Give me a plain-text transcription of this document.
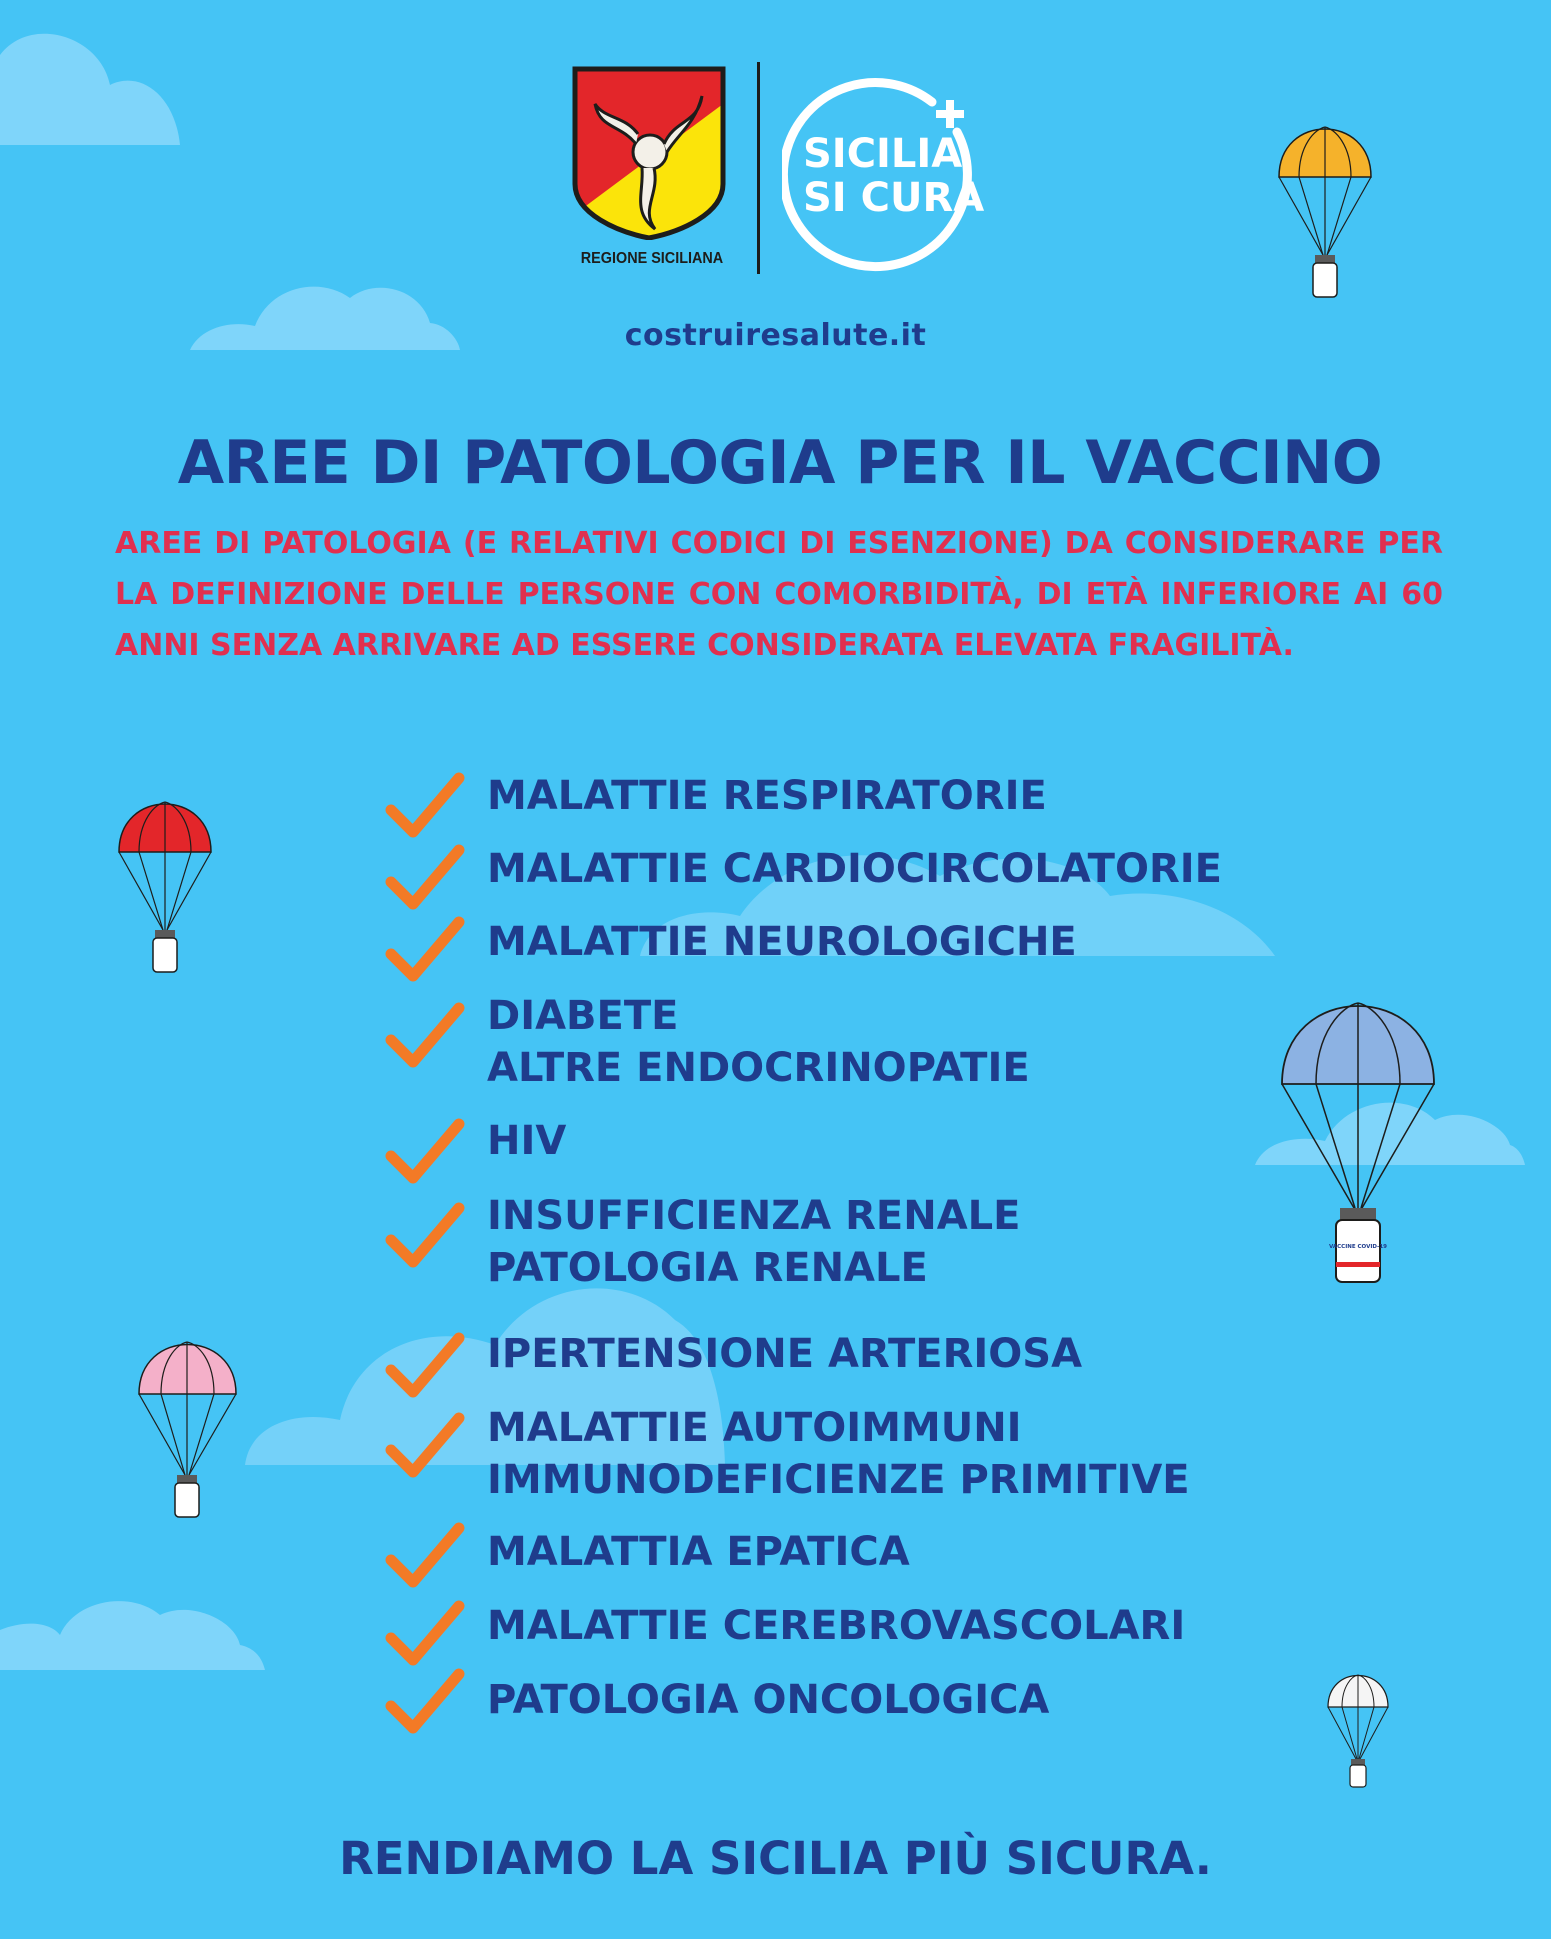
REGIONE SICILIANA
SICILIA
SI CURA
costruiresalute.it
AREE DI PATOLOGIA PER IL VACCINO
AREE DI PATOLOGIA (E RELATIVI CODICI DI ESENZIONE) DA CONSIDERARE PER LA DEFINIZIONE DELLE PERSONE CON COMORBIDITÀ, DI ETÀ INFERIORE AI 60 ANNI SENZA ARRIVARE AD ESSERE CONSIDERATA ELEVATA FRAGILITÀ.
MALATTIE RESPIRATORIE
MALATTIE CARDIOCIRCOLATORIE
MALATTIE NEUROLOGICHE
DIABETE
ALTRE ENDOCRINOPATIE
HIV
INSUFFICIENZA RENALE
PATOLOGIA RENALE
IPERTENSIONE ARTERIOSA
MALATTIE AUTOIMMUNI
IMMUNODEFICIENZE PRIMITIVE
MALATTIA EPATICA
MALATTIE CEREBROVASCOLARI
PATOLOGIA ONCOLOGICA
VACCINE COVID-19
RENDIAMO LA SICILIA PIÙ SICURA.
